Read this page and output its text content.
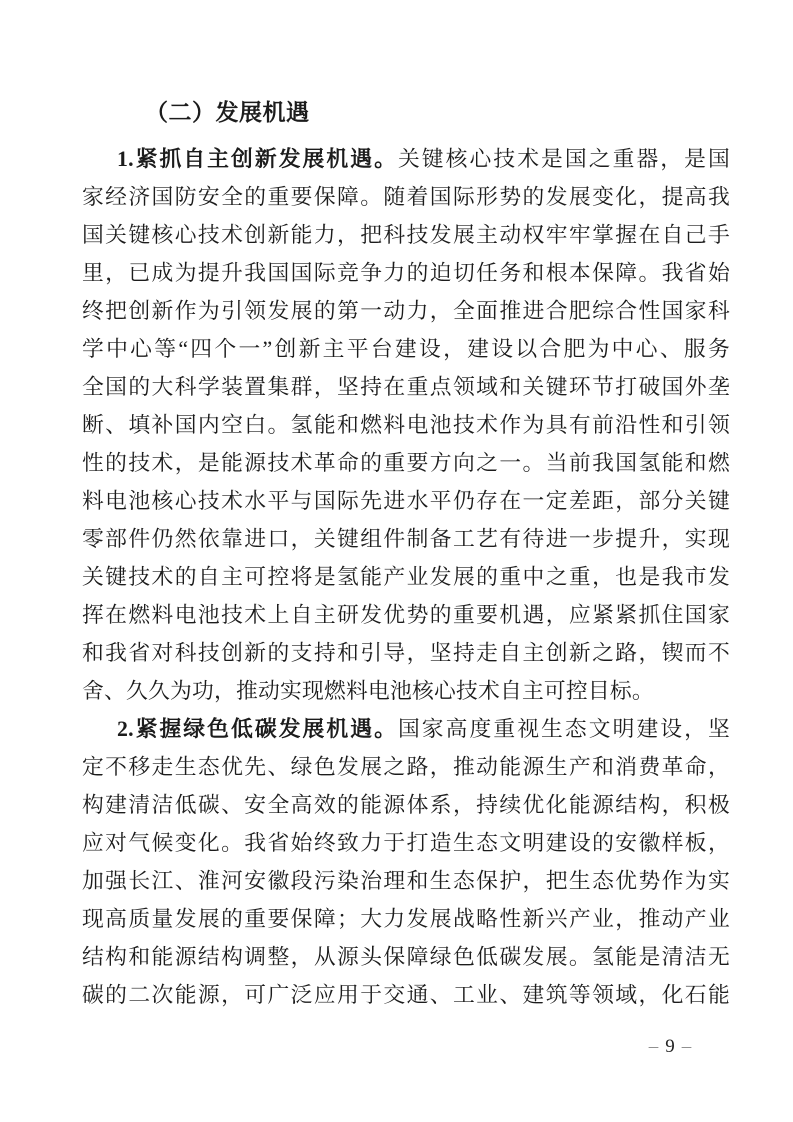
（二）发展机遇
1.紧抓自主创新发展机遇。关键核心技术是国之重器，是国
家经济国防安全的重要保障。随着国际形势的发展变化，提高我
国关键核心技术创新能力，把科技发展主动权牢牢掌握在自己手
里，已成为提升我国国际竞争力的迫切任务和根本保障。我省始
终把创新作为引领发展的第一动力，全面推进合肥综合性国家科
学中心等“四个一”创新主平台建设，建设以合肥为中心、服务
全国的大科学装置集群，坚持在重点领域和关键环节打破国外垄
断、填补国内空白。氢能和燃料电池技术作为具有前沿性和引领
性的技术，是能源技术革命的重要方向之一。当前我国氢能和燃
料电池核心技术水平与国际先进水平仍存在一定差距，部分关键
零部件仍然依靠进口，关键组件制备工艺有待进一步提升，实现
关键技术的自主可控将是氢能产业发展的重中之重，也是我市发
挥在燃料电池技术上自主研发优势的重要机遇，应紧紧抓住国家
和我省对科技创新的支持和引导，坚持走自主创新之路，锲而不
舍、久久为功，推动实现燃料电池核心技术自主可控目标。
2.紧握绿色低碳发展机遇。国家高度重视生态文明建设，坚
定不移走生态优先、绿色发展之路，推动能源生产和消费革命，
构建清洁低碳、安全高效的能源体系，持续优化能源结构，积极
应对气候变化。我省始终致力于打造生态文明建设的安徽样板，
加强长江、淮河安徽段污染治理和生态保护，把生态优势作为实
现高质量发展的重要保障；大力发展战略性新兴产业，推动产业
结构和能源结构调整，从源头保障绿色低碳发展。氢能是清洁无
碳的二次能源，可广泛应用于交通、工业、建筑等领域，化石能
– 9 –
